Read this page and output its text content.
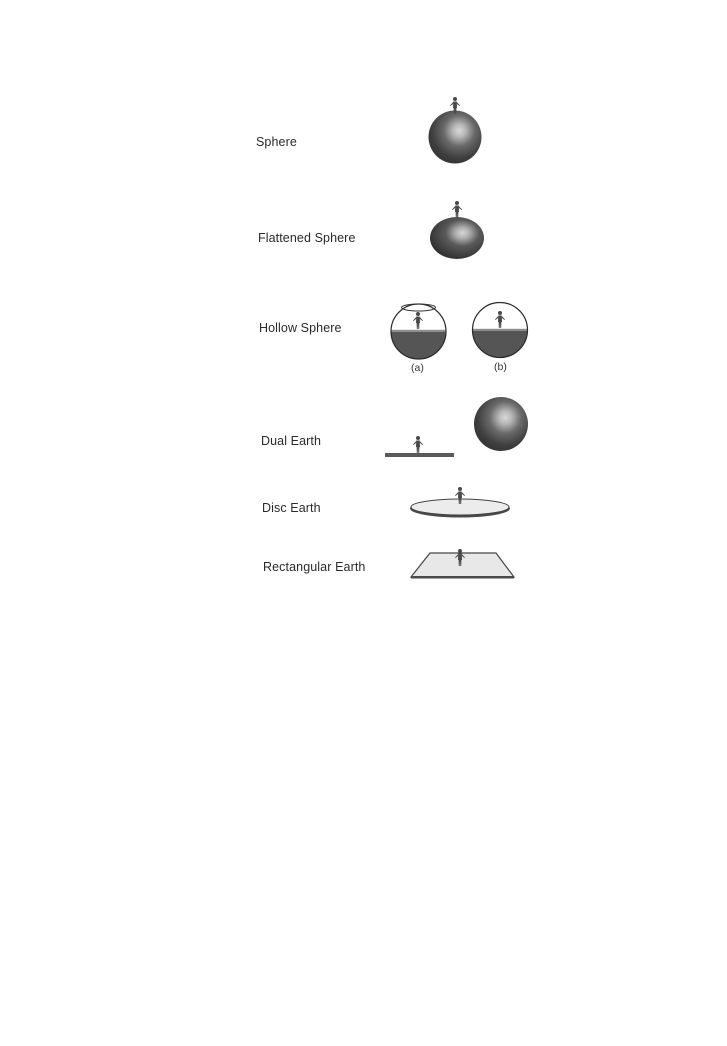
Sphere
Flattened Sphere
Hollow Sphere
(a)	(b)
Dual Earth
Disc Earth
Rectangular Earth
